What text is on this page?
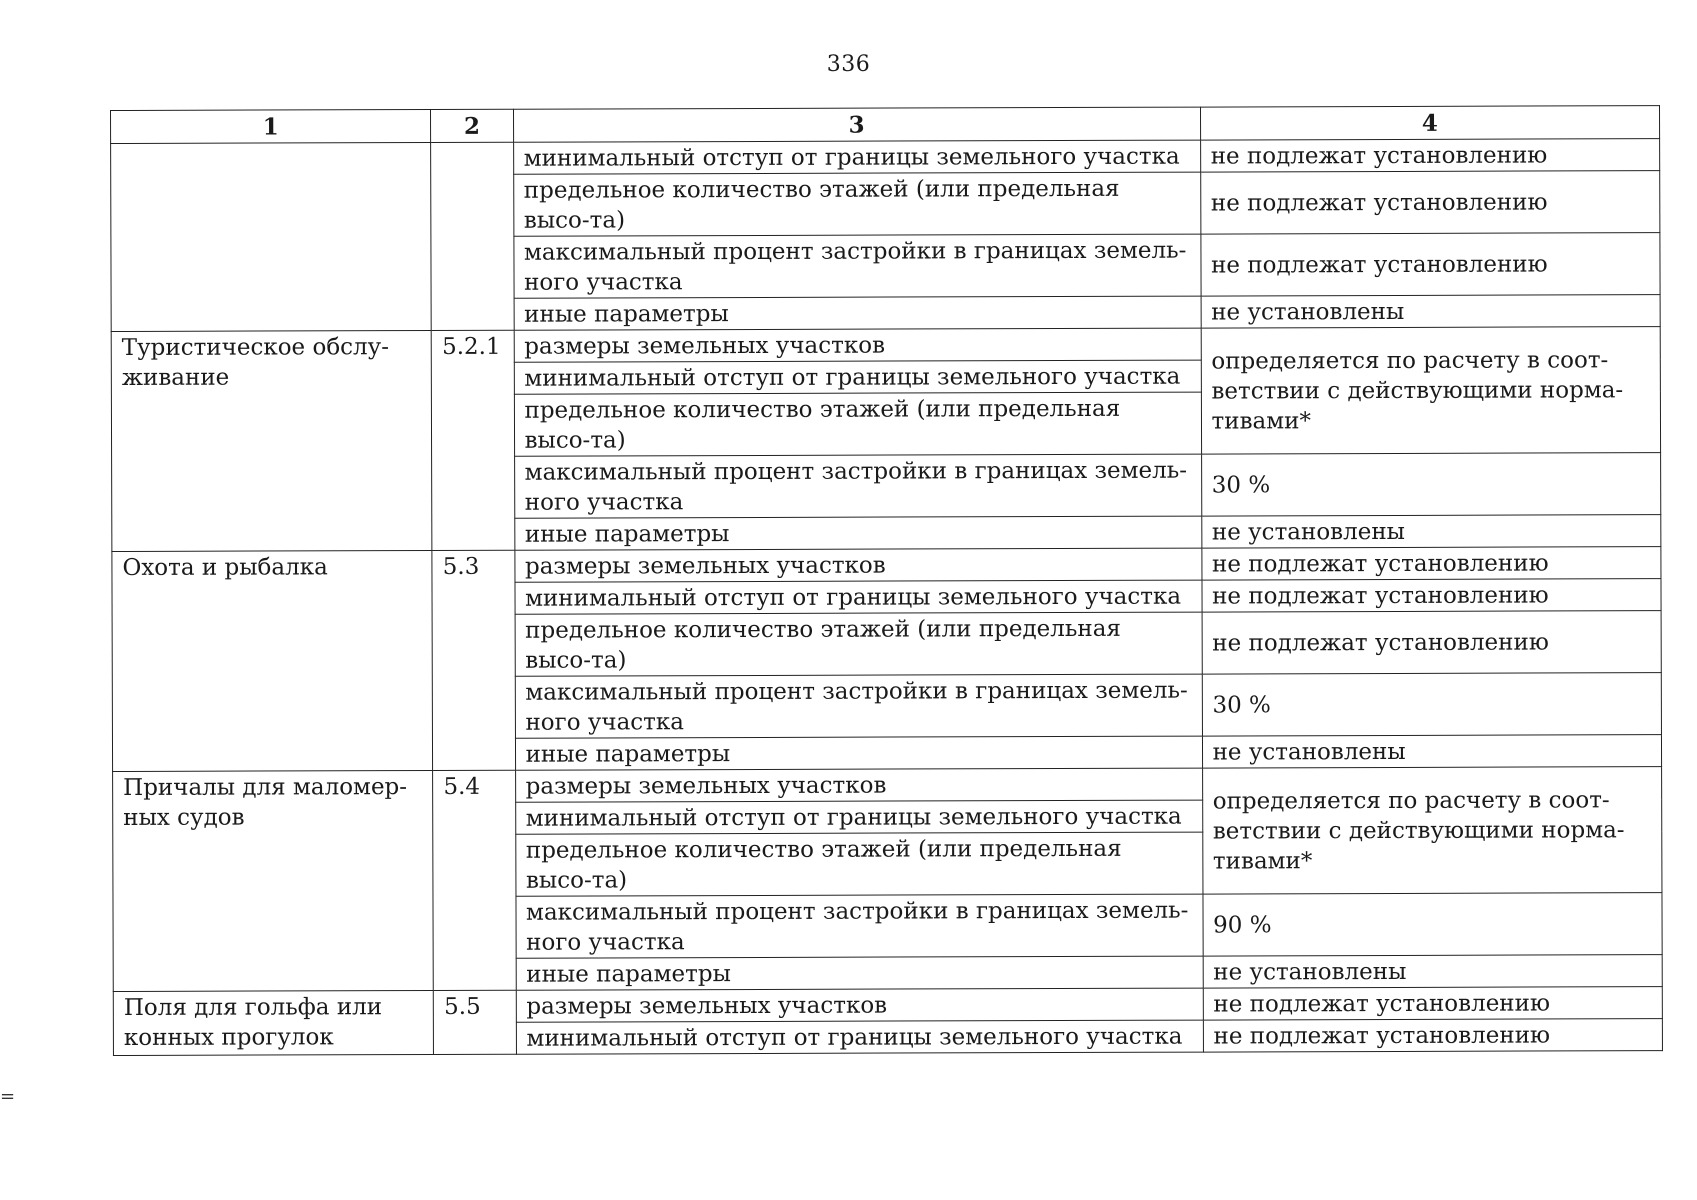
336
=
1	2	3	4
		минимальный отступ от границы земельного участка	не подлежат установлению
		предельное количество этажей (или предельная высо-та)	не подлежат установлению
		максимальный процент застройки в границах земель-ного участка	не подлежат установлению
		иные параметры	не установлены
Туристическое обслу-живание	5.2.1	размеры земельных участков	определяется по расчету в соот-ветствии с действующими норма-тивами*
		минимальный отступ от границы земельного участка	
		предельное количество этажей (или предельная высо-та)	
		максимальный процент застройки в границах земель-ного участка	30 %
		иные параметры	не установлены
Охота и рыбалка	5.3	размеры земельных участков	не подлежат установлению
		минимальный отступ от границы земельного участка	не подлежат установлению
		предельное количество этажей (или предельная высо-та)	не подлежат установлению
		максимальный процент застройки в границах земель-ного участка	30 %
		иные параметры	не установлены
Причалы для маломер-ных судов	5.4	размеры земельных участков	определяется по расчету в соот-ветствии с действующими норма-тивами*
		минимальный отступ от границы земельного участка	
		предельное количество этажей (или предельная высо-та)	
		максимальный процент застройки в границах земель-ного участка	90 %
		иные параметры	не установлены
Поля для гольфа или конных прогулок	5.5	размеры земельных участков	не подлежат установлению
		минимальный отступ от границы земельного участка	не подлежат установлению
